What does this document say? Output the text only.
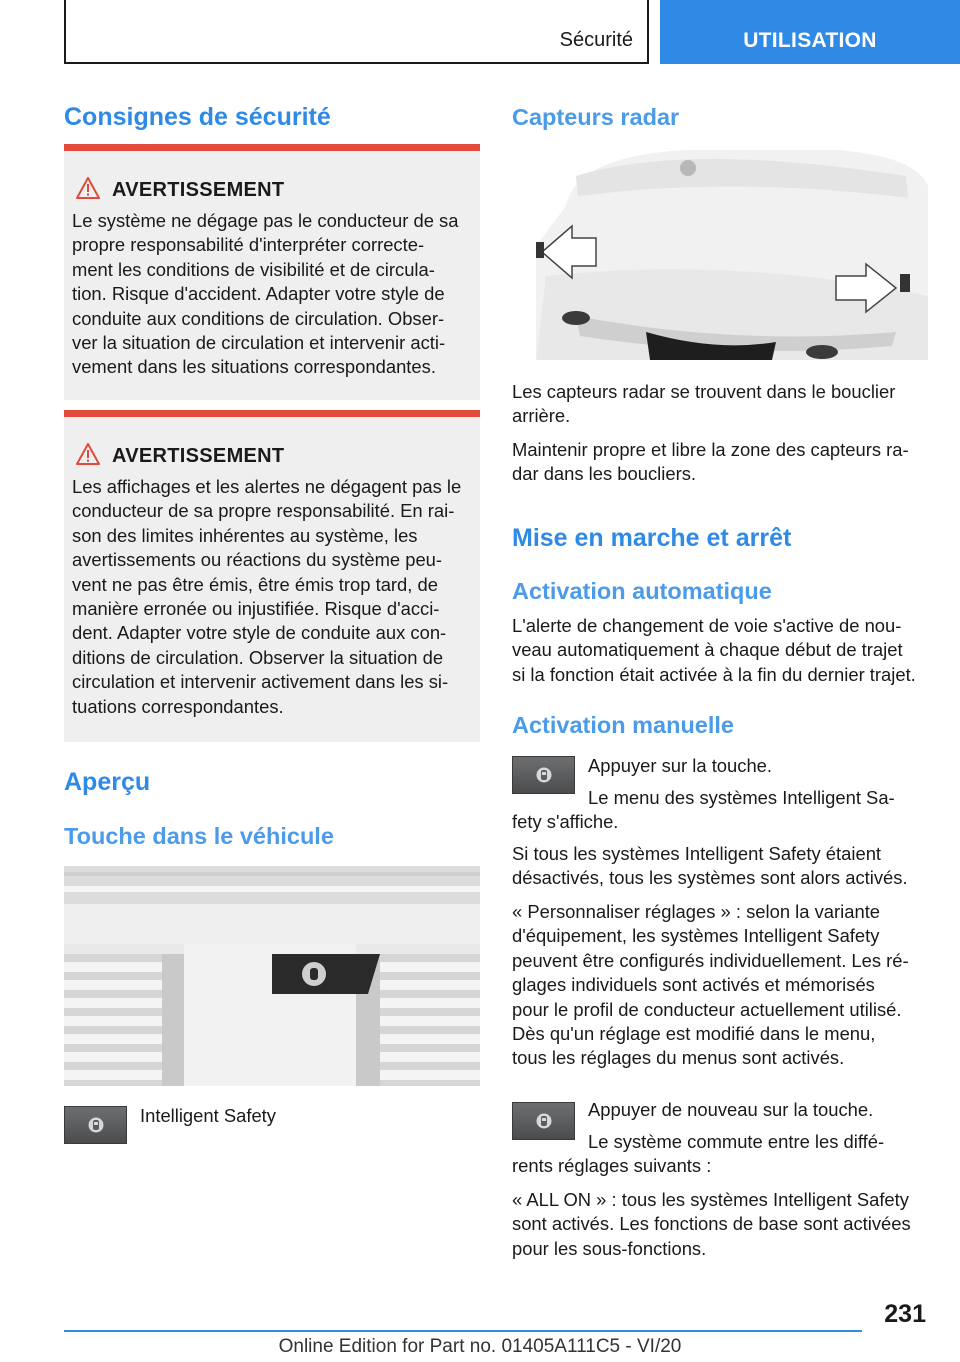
Sécurité	UTILISATION
Consignes de sécurité
AVERTISSEMENT
Le système ne dégage pas le conducteur de sa
propre responsabilité d'interpréter correcte-
ment les conditions de visibilité et de circula-
tion. Risque d'accident. Adapter votre style de
conduite aux conditions de circulation. Obser-
ver la situation de circulation et intervenir acti-
vement dans les situations correspondantes.
AVERTISSEMENT
Les affichages et les alertes ne dégagent pas le
conducteur de sa propre responsabilité. En rai-
son des limites inhérentes au système, les
avertissements ou réactions du système peu-
vent ne pas être émis, être émis trop tard, de
manière erronée ou injustifiée. Risque d'acci-
dent. Adapter votre style de conduite aux con-
ditions de circulation. Observer la situation de
circulation et intervenir activement dans les si-
tuations correspondantes.
Aperçu
Touche dans le véhicule
Intelligent Safety
Capteurs radar
Les capteurs radar se trouvent dans le bouclier
arrière.
Maintenir propre et libre la zone des capteurs ra-
dar dans les boucliers.
Mise en marche et arrêt
Activation automatique
L'alerte de changement de voie s'active de nou-
veau automatiquement à chaque début de trajet
si la fonction était activée à la fin du dernier trajet.
Activation manuelle
Appuyer sur la touche.
Le menu des systèmes Intelligent Sa-
fety s'affiche.
Si tous les systèmes Intelligent Safety étaient
désactivés, tous les systèmes sont alors activés.
« Personnaliser réglages » : selon la variante
d'équipement, les systèmes Intelligent Safety
peuvent être configurés individuellement. Les ré-
glages individuels sont activés et mémorisés
pour le profil de conducteur actuellement utilisé.
Dès qu'un réglage est modifié dans le menu,
tous les réglages du menus sont activés.
Appuyer de nouveau sur la touche.
Le système commute entre les diffé-
rents réglages suivants :
« ALL ON » : tous les systèmes Intelligent Safety
sont activés. Les fonctions de base sont activées
pour les sous-fonctions.
231
Online Edition for Part no. 01405A111C5 - VI/20
